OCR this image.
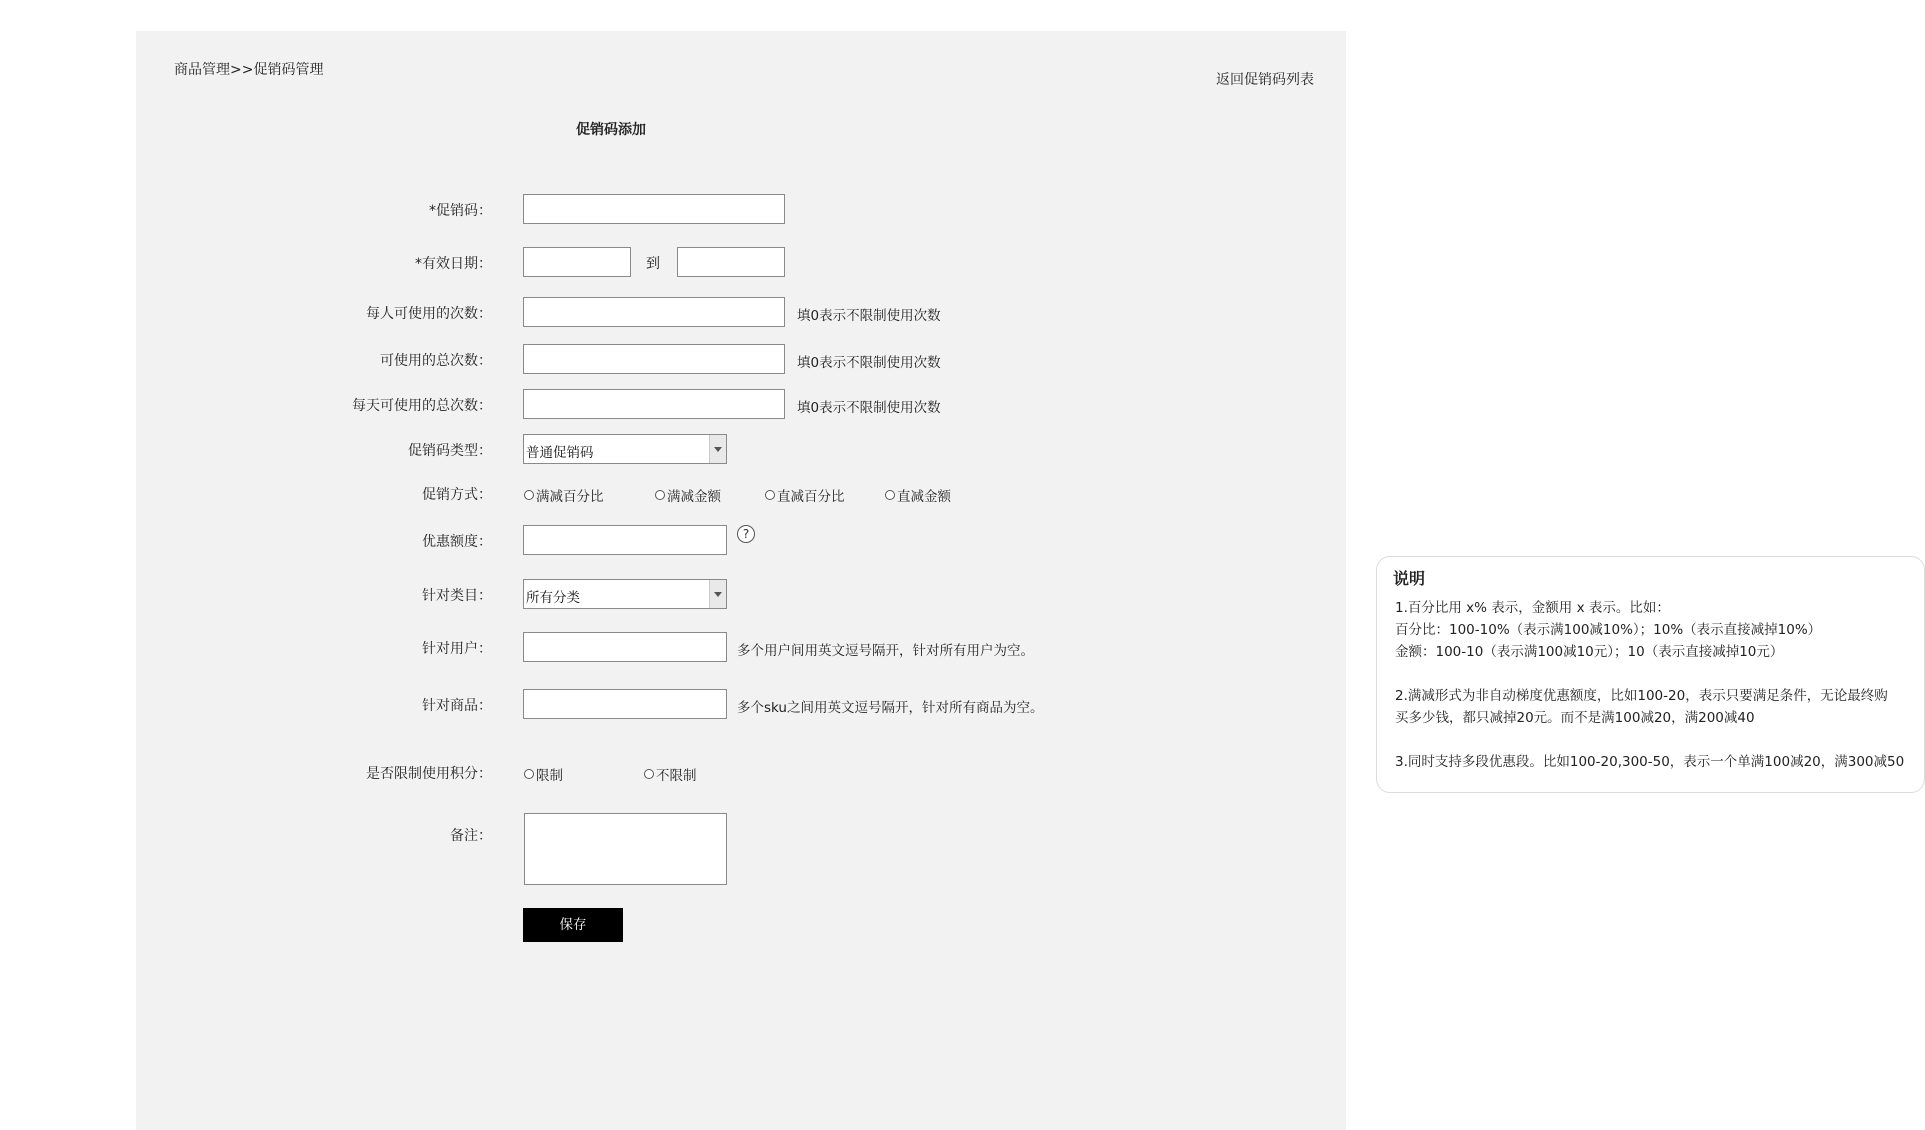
商品管理>>促销码管理
返回促销码列表
促销码添加
*促销码：
*有效日期：	到
每人可使用的次数：	填0表示不限制使用次数
可使用的总次数：	填0表示不限制使用次数
每天可使用的总次数：	填0表示不限制使用次数
促销码类型：	普通促销码
促销方式：	满减百分比	满减金额	直减百分比	直减金额
优惠额度：	?
针对类目：	所有分类
针对用户：	多个用户间用英文逗号隔开，针对所有用户为空。
针对商品：	多个sku之间用英文逗号隔开，针对所有商品为空。
是否限制使用积分：	限制	不限制
备注：
保存
说明
1.百分比用 x% 表示，金额用 x 表示。比如：
百分比：100-10%（表示满100减10%）；10%（表示直接减掉10%）
金额：100-10（表示满100减10元）；10（表示直接减掉10元）
2.满减形式为非自动梯度优惠额度，比如100-20，表示只要满足条件，无论最终购
买多少钱，都只减掉20元。而不是满100减20，满200减40
3.同时支持多段优惠段。比如100-20,300-50，表示一个单满100减20，满300减50
